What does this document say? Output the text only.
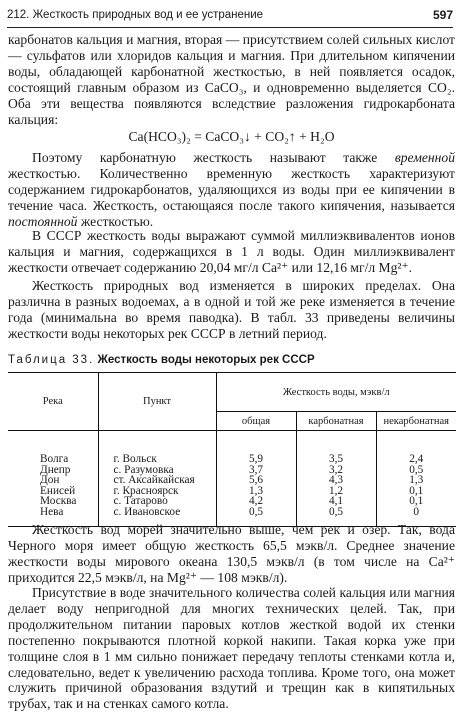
212. Жесткость природных вод и ее устранение	597

карбонатов кальция и магния, вторая — присутствием солей сильных кислот — сульфатов или хлоридов кальция и магния. При длительном кипячении воды, обладающей карбонатной жесткостью, в ней появляется осадок, состоящий главным образом из CaCO₃, и одновременно выделяется CO₂. Оба эти вещества появляются вследствие разложения гидрокарбоната кальция:

Ca(HCO₃)₂ = CaCO₃↓ + CO₂↑ + H₂O

Поэтому карбонатную жесткость называют также временной жесткостью. Количественно временную жесткость характеризуют содержанием гидрокарбонатов, удаляющихся из воды при ее кипячении в течение часа. Жесткость, остающаяся после такого кипячения, называется постоянной жесткостью.

В СССР жесткость воды выражают суммой миллиэквивалентов ионов кальция и магния, содержащихся в 1 л воды. Один миллиэквивалент жесткости отвечает содержанию 20,04 мг/л Ca²⁺ или 12,16 мг/л Mg²⁺.

Жесткость природных вод изменяется в широких пределах. Она различна в разных водоемах, а в одной и той же реке изменяется в течение года (минимальна во время паводка). В табл. 33 приведены величины жесткости воды некоторых рек СССР в летний период.

Таблица 33. Жесткость воды некоторых рек СССР
Река	Пункт	Жесткость воды, мэкв/л		
		общая	карбонатная	некарбонатная
Волга	г. Вольск	5,9	3,5	2,4
Днепр	с. Разумовка	3,7	3,2	0,5
Дон	ст. Аксайкайская	5,6	4,3	1,3
Енисей	г. Красноярск	1,3	1,2	0,1
Москва	с. Татарово	4,2	4,1	0,1
Нева	с. Ивановское	0,5	0,5	0

Жесткость вод морей значительно выше, чем рек и озер. Так, вода Черного моря имеет общую жесткость 65,5 мэкв/л. Среднее значение жесткости воды мирового океана 130,5 мэкв/л (в том числе на Ca²⁺ приходится 22,5 мэкв/л, на Mg²⁺ — 108 мэкв/л).

Присутствие в воде значительного количества солей кальция или магния делает воду непригодной для многих технических целей. Так, при продолжительном питании паровых котлов жесткой водой их стенки постепенно покрываются плотной коркой накипи. Такая корка уже при толщине слоя в 1 мм сильно понижает передачу теплоты стенками котла и, следовательно, ведет к увеличению расхода топлива. Кроме того, она может служить причиной образования вздутий и трещин как в кипятильных трубах, так и на стенках самого котла.
